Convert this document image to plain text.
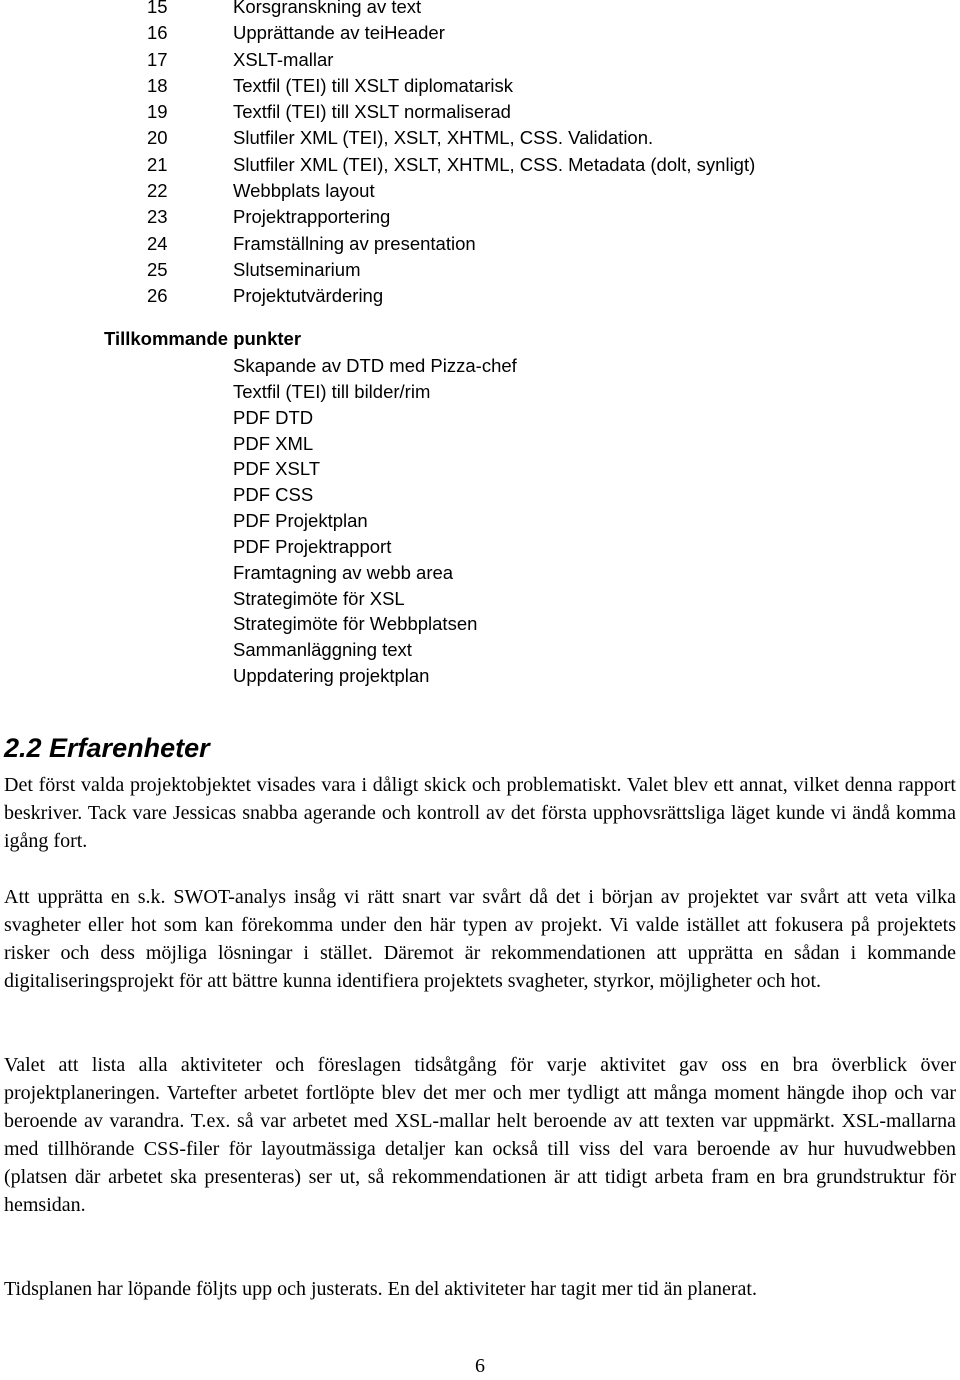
15	Korsgranskning av text
16	Upprättande av teiHeader
17	XSLT-mallar
18	Textfil (TEI) till XSLT diplomatarisk
19	Textfil (TEI) till XSLT normaliserad
20	Slutfiler XML (TEI), XSLT, XHTML, CSS. Validation.
21	Slutfiler XML (TEI), XSLT, XHTML, CSS. Metadata (dolt, synligt)
22	Webbplats layout
23	Projektrapportering
24	Framställning av presentation
25	Slutseminarium
26	Projektutvärdering
Tillkommande punkter
Skapande av DTD med Pizza-chef
Textfil (TEI) till bilder/rim
PDF DTD
PDF XML
PDF XSLT
PDF CSS
PDF Projektplan
PDF Projektrapport
Framtagning av webb area
Strategimöte för XSL
Strategimöte för Webbplatsen
Sammanläggning text
Uppdatering projektplan
2.2 Erfarenheter

Det först valda projektobjektet visades vara i dåligt skick och problematiskt. Valet blev ett annat, vilket denna rapport beskriver. Tack vare Jessicas snabba agerande och kontroll av det första upphovsrättsliga läget kunde vi ändå komma igång fort.

Att upprätta en s.k. SWOT-analys insåg vi rätt snart var svårt då det i början av projektet var svårt att veta vilka svagheter eller hot som kan förekomma under den här typen av projekt. Vi valde istället att fokusera på projektets risker och dess möjliga lösningar i stället. Däremot är rekommendationen att upprätta en sådan i kommande digitaliseringsprojekt för att bättre kunna identifiera projektets svagheter, styrkor, möjligheter och hot.

Valet att lista alla aktiviteter och föreslagen tidsåtgång för varje aktivitet gav oss en bra överblick över projektplaneringen. Vartefter arbetet fortlöpte blev det mer och mer tydligt att många moment hängde ihop och var beroende av varandra. T.ex. så var arbetet med XSL-mallar helt beroende av att texten var uppmärkt. XSL-mallarna med tillhörande CSS-filer för layoutmässiga detaljer kan också till viss del vara beroende av hur huvudwebben (platsen där arbetet ska presenteras) ser ut, så rekommendationen är att tidigt arbeta fram en bra grundstruktur för hemsidan.

Tidsplanen har löpande följts upp och justerats. En del aktiviteter har tagit mer tid än planerat.

6
